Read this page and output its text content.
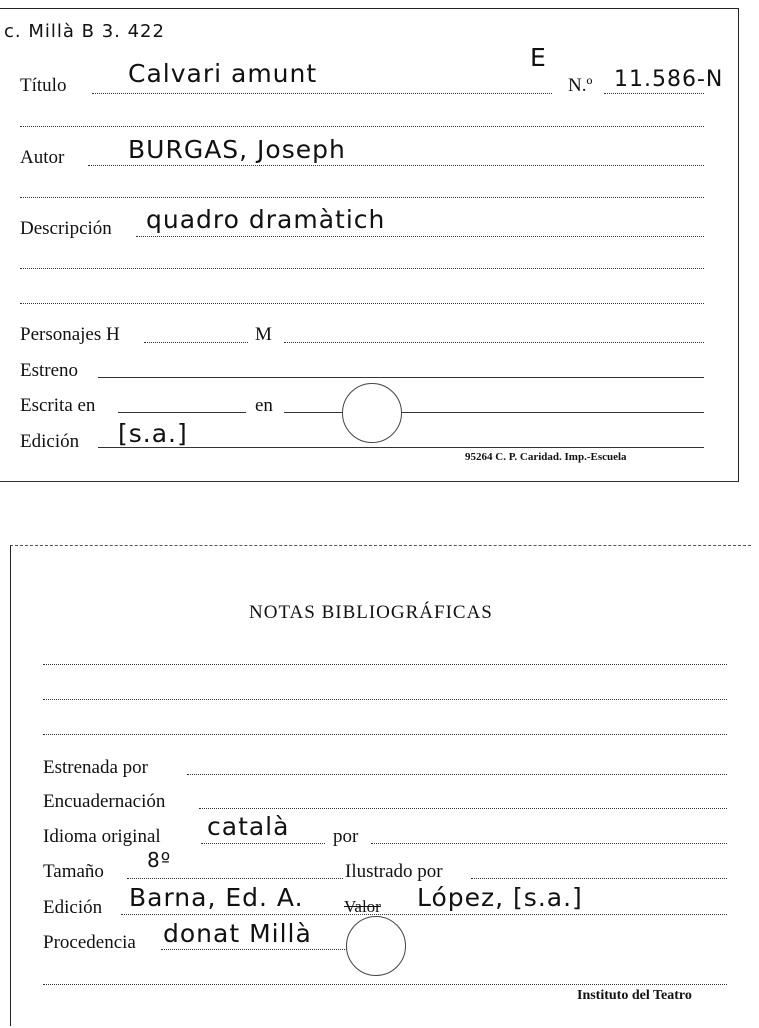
c. Millà B 3. 422
Título Calvari amunt
E
N.º 11.586-N
Autor	BURGAS, Joseph
Descripción quadro dramàtich
Personajes H	M
Estreno
Escrita en	en
Edición [s.a.]
95264 C. P. Caridad. Imp.-Escuela
NOTAS BIBLIOGRÁFICAS
Estrenada por
Encuadernación
Idioma original català por
Tamaño 8º	Ilustrado por
Edición Barna, Ed. A. Valor López, [s.a.]
Procedencia donat Millà
Instituto del Teatro
